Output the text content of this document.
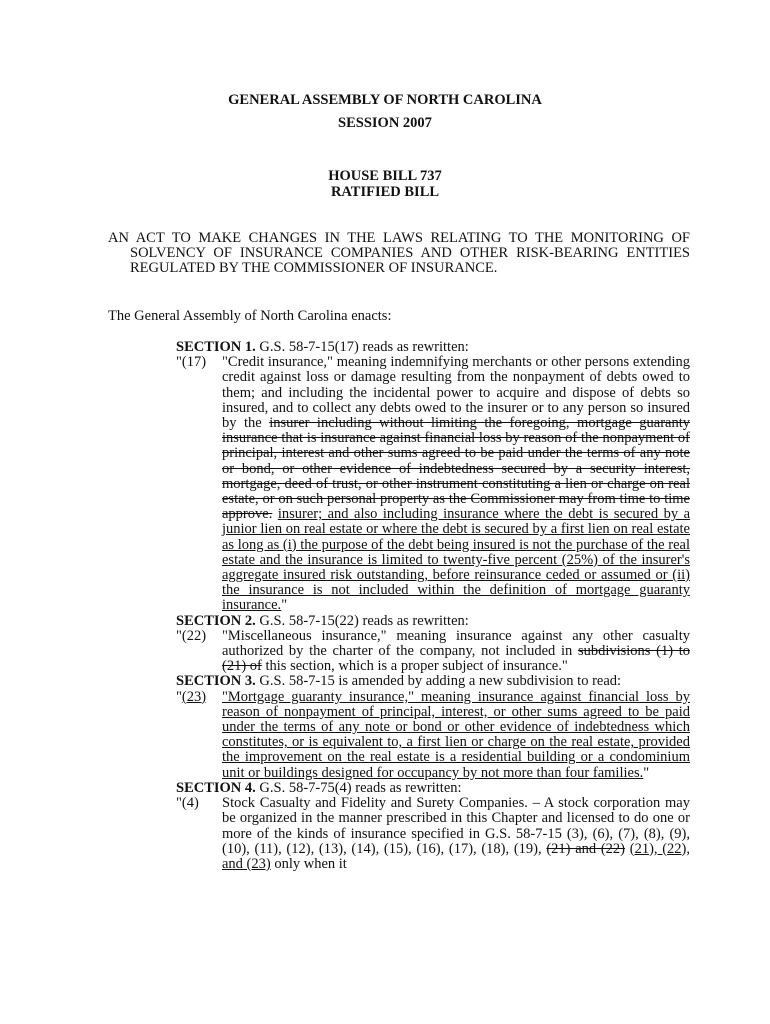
GENERAL ASSEMBLY OF NORTH CAROLINA
SESSION 2007
HOUSE BILL 737
RATIFIED BILL
AN ACT TO MAKE CHANGES IN THE LAWS RELATING TO THE MONITORING OF SOLVENCY OF INSURANCE COMPANIES AND OTHER RISK-BEARING ENTITIES REGULATED BY THE COMMISSIONER OF INSURANCE.
The General Assembly of North Carolina enacts:

SECTION 1. G.S. 58-7-15(17) reads as rewritten:

"(17) "Credit insurance," meaning indemnifying merchants or other persons extending credit against loss or damage resulting from the nonpayment of debts owed to them; and including the incidental power to acquire and dispose of debts so insured, and to collect any debts owed to the insurer or to any person so insured by the insurer including without limiting the foregoing, mortgage guaranty insurance that is insurance against financial loss by reason of the nonpayment of principal, interest and other sums agreed to be paid under the terms of any note or bond, or other evidence of indebtedness secured by a security interest, mortgage, deed of trust, or other instrument constituting a lien or charge on real estate, or on such personal property as the Commissioner may from time to time approve. insurer; and also including insurance where the debt is secured by a junior lien on real estate or where the debt is secured by a first lien on real estate as long as (i) the purpose of the debt being insured is not the purchase of the real estate and the insurance is limited to twenty-five percent (25%) of the insurer's aggregate insured risk outstanding, before reinsurance ceded or assumed or (ii) the insurance is not included within the definition of mortgage guaranty insurance."

SECTION 2. G.S. 58-7-15(22) reads as rewritten:

"(22) "Miscellaneous insurance," meaning insurance against any other casualty authorized by the charter of the company, not included in subdivisions (1) to (21) of this section, which is a proper subject of insurance."

SECTION 3. G.S. 58-7-15 is amended by adding a new subdivision to read:

"(23) "Mortgage guaranty insurance," meaning insurance against financial loss by reason of nonpayment of principal, interest, or other sums agreed to be paid under the terms of any note or bond or other evidence of indebtedness which constitutes, or is equivalent to, a first lien or charge on the real estate, provided the improvement on the real estate is a residential building or a condominium unit or buildings designed for occupancy by not more than four families."

SECTION 4. G.S. 58-7-75(4) reads as rewritten:

"(4) Stock Casualty and Fidelity and Surety Companies. – A stock corporation may be organized in the manner prescribed in this Chapter and licensed to do one or more of the kinds of insurance specified in G.S. 58-7-15 (3), (6), (7), (8), (9), (10), (11), (12), (13), (14), (15), (16), (17), (18), (19), (21) and (22) (21), (22), and (23) only when it
